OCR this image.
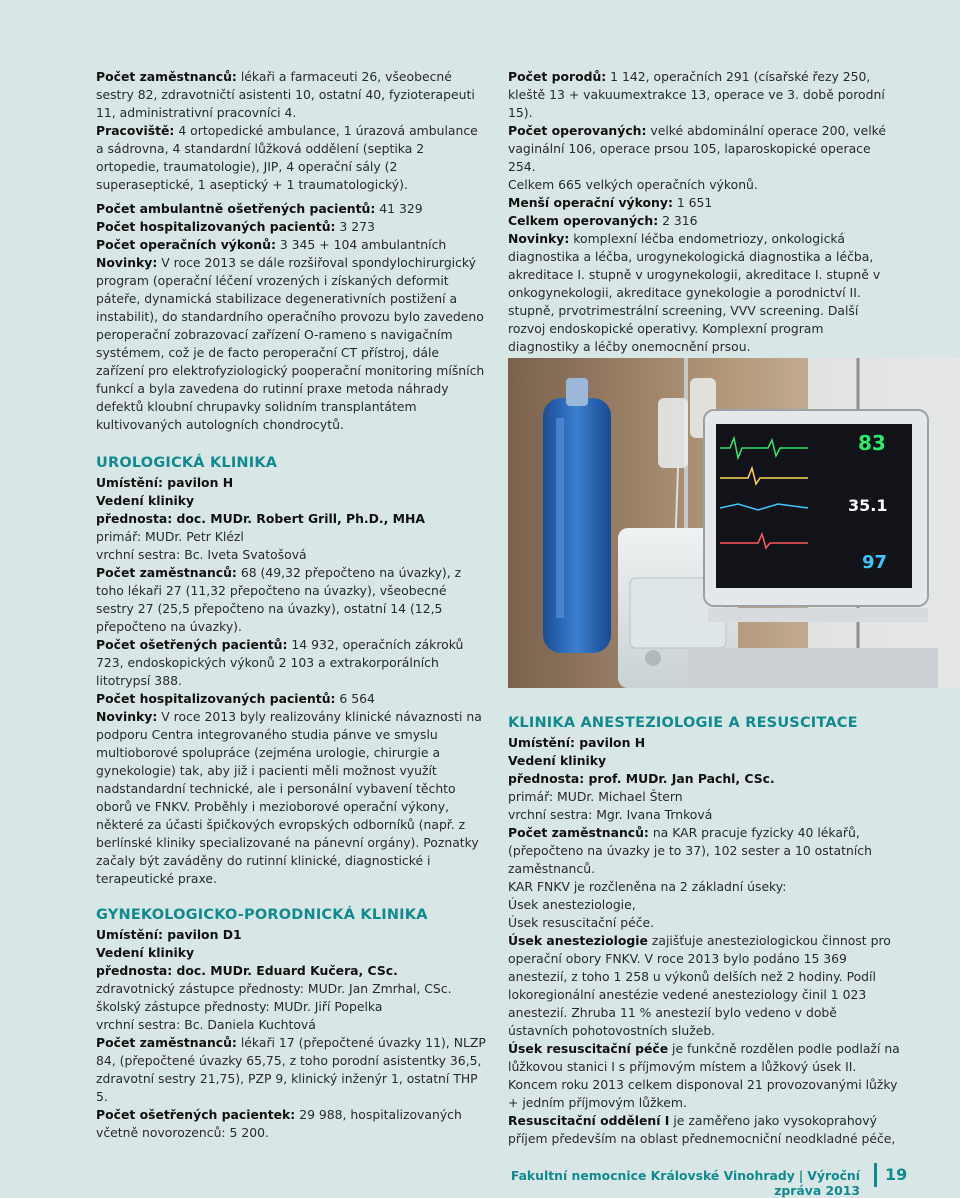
Počet zaměstnanců: lékaři a farmaceuti 26, všeobecné sestry 82, zdravotničtí asistenti 10, ostatní 40, fyzioterapeuti 11, administrativní pracovníci 4.

Pracoviště: 4 ortopedické ambulance, 1 úrazová ambulance a sádrovna, 4 standardní lůžková oddělení (septika 2 ortopedie, traumatologie), JIP, 4 operační sály (2 superaseptické, 1 aseptický + 1 traumatologický).

Počet ambulantně ošetřených pacientů: 41 329

Počet hospitalizovaných pacientů: 3 273

Počet operačních výkonů: 3 345 + 104 ambulantních

Novinky: V roce 2013 se dále rozšiřoval spondylochirurgický program (operační léčení vrozených i získaných deformit páteře, dynamická stabilizace degenerativních postižení a instabilit), do standardního operačního provozu bylo zavedeno peroperační zobrazovací zařízení O-rameno s navigačním systémem, což je de facto peroperační CT přístroj, dále zařízení pro elektrofyziologický pooperační monitoring míšních funkcí a byla zavedena do rutinní praxe metoda náhrady defektů kloubní chrupavky solidním transplantátem kultivovaných autologních chondrocytů.

UROLOGICKÁ KLINIKA
Umístění: pavilon H
Vedení kliniky
přednosta: doc. MUDr. Robert Grill, Ph.D., MHA
primář: MUDr. Petr Klézl
vrchní sestra: Bc. Iveta Svatošová

Počet zaměstnanců: 68 (49,32 přepočteno na úvazky), z toho lékaři 27 (11,32 přepočteno na úvazky), všeobecné sestry 27 (25,5 přepočteno na úvazky), ostatní 14 (12,5 přepočteno na úvazky).

Počet ošetřených pacientů: 14 932, operačních zákroků 723, endoskopických výkonů 2 103 a extrakorporálních litotrypsí 388.

Počet hospitalizovaných pacientů: 6 564

Novinky: V roce 2013 byly realizovány klinické návaznosti na podporu Centra integrovaného studia pánve ve smyslu multioborové spolupráce (zejména urologie, chirurgie a gynekologie) tak, aby již i pacienti měli možnost využít nadstandardní technické, ale i personální vybavení těchto oborů ve FNKV. Proběhly i mezioborové operační výkony, některé za účasti špičkových evropských odborníků (např. z berlínské kliniky specializované na pánevní orgány). Poznatky začaly být zaváděny do rutinní klinické, diagnostické i terapeutické praxe.

GYNEKOLOGICKO-PORODNICKÁ KLINIKA
Umístění: pavilon D1
Vedení kliniky
přednosta: doc. MUDr. Eduard Kučera, CSc.
zdravotnický zástupce přednosty: MUDr. Jan Zmrhal, CSc.
školský zástupce přednosty: MUDr. Jiří Popelka
vrchní sestra: Bc. Daniela Kuchtová

Počet zaměstnanců: lékaři 17 (přepočtené úvazky 11), NLZP 84, (přepočtené úvazky 65,75, z toho porodní asistentky 36,5, zdravotní sestry 21,75), PZP 9, klinický inženýr 1, ostatní THP 5.

Počet ošetřených pacientek: 29 988, hospitalizovaných včetně novorozenců: 5 200.

Počet porodů: 1 142, operačních 291 (císařské řezy 250, kleště 13 + vakuumextrakce 13, operace ve 3. době porodní 15).

Počet operovaných: velké abdominální operace 200, velké vaginální 106, operace prsou 105, laparoskopické operace 254.

Celkem 665 velkých operačních výkonů.

Menší operační výkony: 1 651

Celkem operovaných: 2 316

Novinky: komplexní léčba endometriozy, onkologická diagnostika a léčba, urogynekologická diagnostika a léčba, akreditace I. stupně v urogynekologii, akreditace I. stupně v onkogynekologii, akreditace gynekologie a porodnictví II. stupně, prvotrimestrální screening, VVV screening. Další rozvoj endoskopické operativy. Komplexní program diagnostiky a léčby onemocnění prsou.

83
35.1
97
KLINIKA ANESTEZIOLOGIE A RESUSCITACE
Umístění: pavilon H
Vedení kliniky
přednosta: prof. MUDr. Jan Pachl, CSc.
primář: MUDr. Michael Štern
vrchní sestra: Mgr. Ivana Trnková

Počet zaměstnanců: na KAR pracuje fyzicky 40 lékařů, (přepočteno na úvazky je to 37), 102 sester a 10 ostatních zaměstnanců.

KAR FNKV je rozčleněna na 2 základní úseky:

Úsek anesteziologie,

Úsek resuscitační péče.

Úsek anesteziologie zajišťuje anesteziologickou činnost pro operační obory FNKV. V roce 2013 bylo podáno 15 369 anestezií, z toho 1 258 u výkonů delších než 2 hodiny. Podíl lokoregionální anestézie vedené anesteziology činil 1 023 anestezií. Zhruba 11 % anestezií bylo vedeno v době ústavních pohotovostních služeb.

Úsek resuscitační péče je funkčně rozdělen podle podlaží na lůžkovou stanici I s příjmovým místem a lůžkový úsek II. Koncem roku 2013 celkem disponoval 21 provozovanými lůžky + jedním příjmovým lůžkem.

Resuscitační oddělení I je zaměřeno jako vysokoprahový příjem především na oblast přednemocniční neodkladné péče,

Fakultní nemocnice Královské Vinohrady | Výroční zpráva 2013
19
